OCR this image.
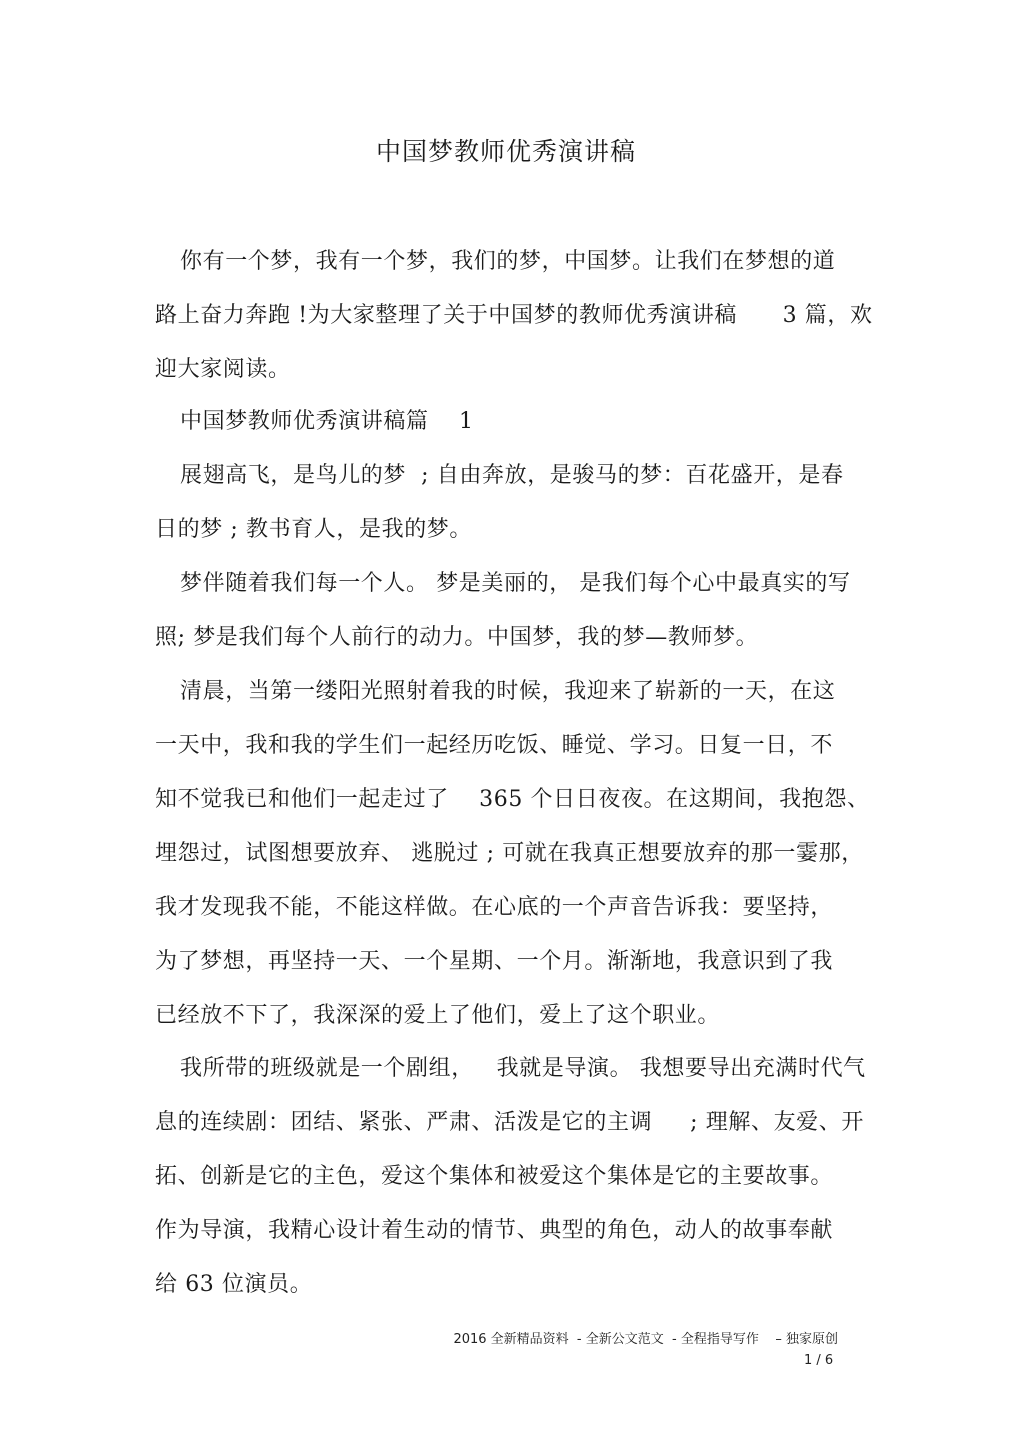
中国梦教师优秀演讲稿
你有一个梦，我有一个梦，我们的梦，中国梦。让我们在梦想的道
路上奋力奔跑 !为大家整理了关于中国梦的教师优秀演讲稿      3 篇，欢
迎大家阅读。
中国梦教师优秀演讲稿篇    1
展翅高飞，是鸟儿的梦  ; 自由奔放，是骏马的梦：百花盛开，是春
日的梦 ; 教书育人，是我的梦。
梦伴随着我们每一个人。 梦是美丽的， 是我们每个心中最真实的写
照; 梦是我们每个人前行的动力。中国梦，我的梦—教师梦。
清晨，当第一缕阳光照射着我的时候，我迎来了崭新的一天，在这
一天中，我和我的学生们一起经历吃饭、睡觉、学习。日复一日，不
知不觉我已和他们一起走过了    365 个日日夜夜。在这期间，我抱怨、
埋怨过，试图想要放弃、 逃脱过 ; 可就在我真正想要放弃的那一霎那，
我才发现我不能，不能这样做。在心底的一个声音告诉我：要坚持，
为了梦想，再坚持一天、一个星期、一个月。渐渐地，我意识到了我
已经放不下了，我深深的爱上了他们，爱上了这个职业。
我所带的班级就是一个剧组，   我就是导演。 我想要导出充满时代气
息的连续剧：团结、紧张、严肃、活泼是它的主调     ; 理解、友爱、开
拓、创新是它的主色，爱这个集体和被爱这个集体是它的主要故事。
作为导演，我精心设计着生动的情节、典型的角色，动人的故事奉献
给 63 位演员。
2016 全新精品资料  - 全新公文范文  - 全程指导写作    – 独家原创
1 / 6
